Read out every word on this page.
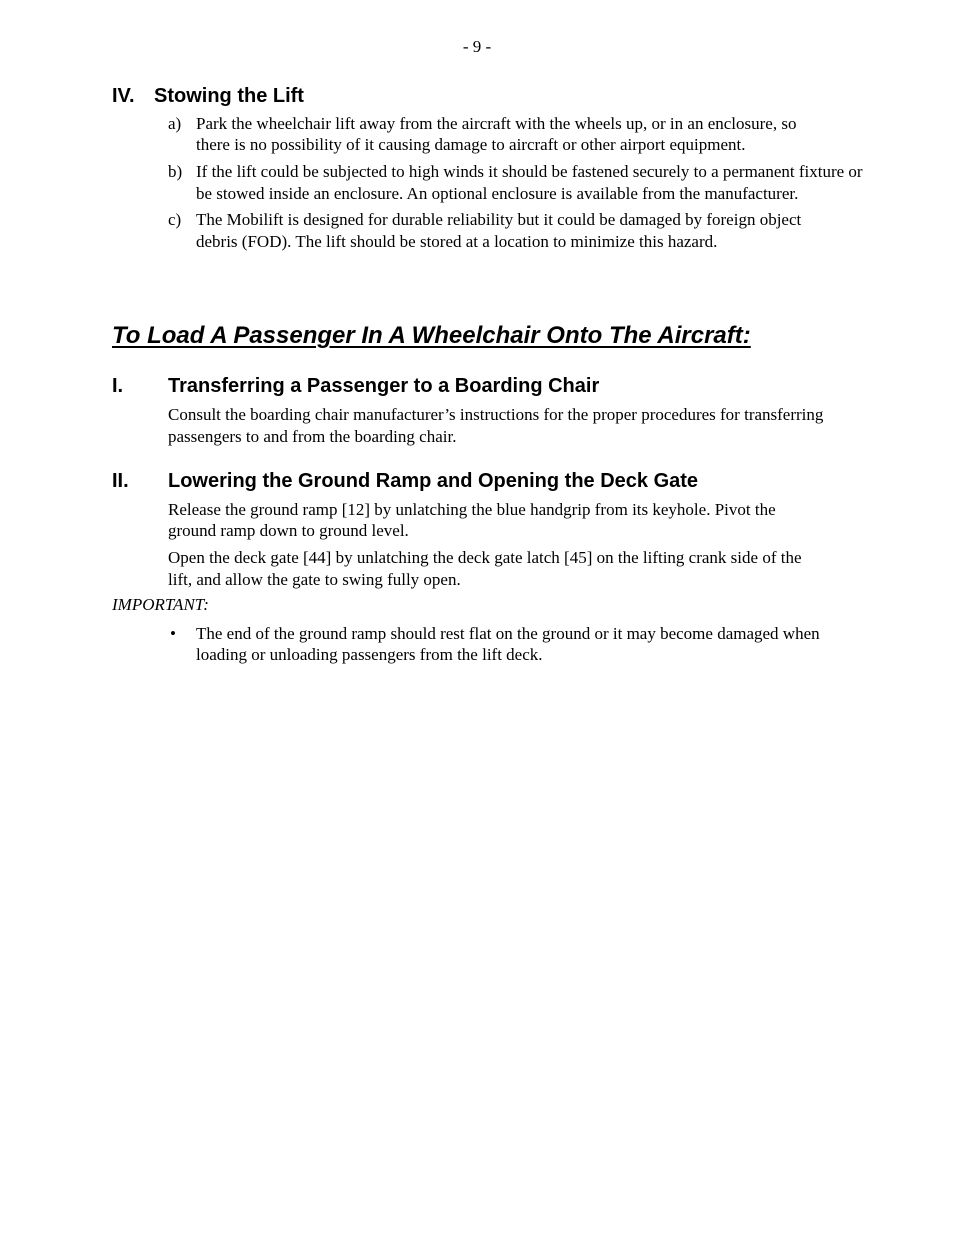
- 9 -
IV. Stowing the Lift
a) Park the wheelchair lift away from the aircraft with the wheels up, or in an enclosure, so
there is no possibility of it causing damage to aircraft or other airport equipment.
b) If the lift could be subjected to high winds it should be fastened securely to a permanent fixture or
be stowed inside an enclosure. An optional enclosure is available from the manufacturer.
c) The Mobilift is designed for durable reliability but it could be damaged by foreign object
debris (FOD). The lift should be stored at a location to minimize this hazard.
To Load A Passenger In A Wheelchair Onto The Aircraft:
I. Transferring a Passenger to a Boarding Chair
Consult the boarding chair manufacturer’s instructions for the proper procedures for transferring
passengers to and from the boarding chair.
II. Lowering the Ground Ramp and Opening the Deck Gate
Release the ground ramp [12] by unlatching the blue handgrip from its keyhole. Pivot the
ground ramp down to ground level.
Open the deck gate [44] by unlatching the deck gate latch [45] on the lifting crank side of the
lift, and allow the gate to swing fully open.
IMPORTANT:
• The end of the ground ramp should rest flat on the ground or it may become damaged when
loading or unloading passengers from the lift deck.
